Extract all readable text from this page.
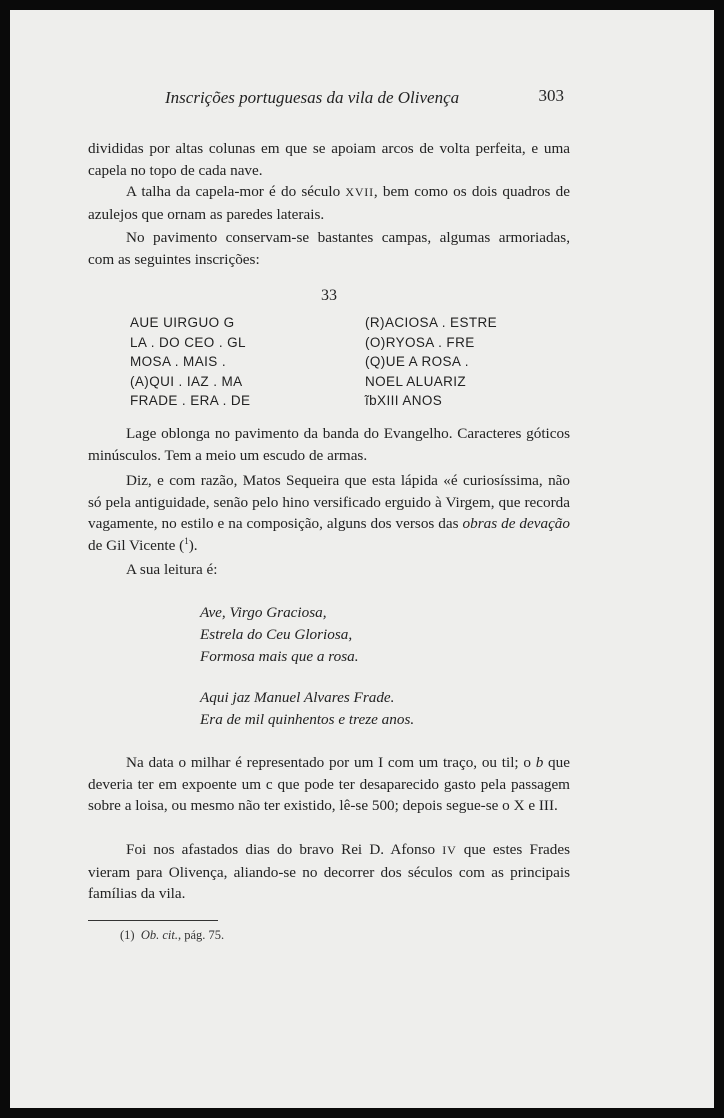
Inscrições portuguesas da vila de Olivença	303

divididas por altas colunas em que se apoiam arcos de volta perfeita, e uma capela no topo de cada nave.

A talha da capela-mor é do século XVII, bem como os dois quadros de azulejos que ornam as paredes laterais.

No pavimento conservam-se bastantes campas, algumas armoriadas, com as seguintes inscrições:

33
AUE UIRGUO G
LA . DO CEO . GL
MOSA . MAIS .
(A)QUI . IAZ . MA
FRADE . ERA . DE
(R)ACIOSA . ESTRE
(O)RYOSA . FRE
(Q)UE A ROSA .
NOEL ALUARIZ
ĩbXIII ANOS

Lage oblonga no pavimento da banda do Evangelho. Caracteres góticos minúsculos. Tem a meio um escudo de armas.

Diz, e com razão, Matos Sequeira que esta lápida «é curiosíssima, não só pela antiguidade, senão pelo hino versificado erguido à Virgem, que recorda vagamente, no estilo e na composição, alguns dos versos das obras de devação de Gil Vicente ($^1$).

A sua leitura é:

Ave, Virgo Graciosa,
Estrela do Ceu Gloriosa,
Formosa mais que a rosa.
Aqui jaz Manuel Alvares Frade.
Era de mil quinhentos e treze anos.

Na data o milhar é representado por um I com um traço, ou til; o b que deveria ter em expoente um c que pode ter desaparecido gasto pela passagem sobre a loisa, ou mesmo não ter existido, lê-se 500; depois segue-se o X e III.

Foi nos afastados dias do bravo Rei D. Afonso IV que estes Frades vieram para Olivença, aliando-se no decorrer dos séculos com as principais famílias da vila.

(1) Ob. cit., pág. 75.
